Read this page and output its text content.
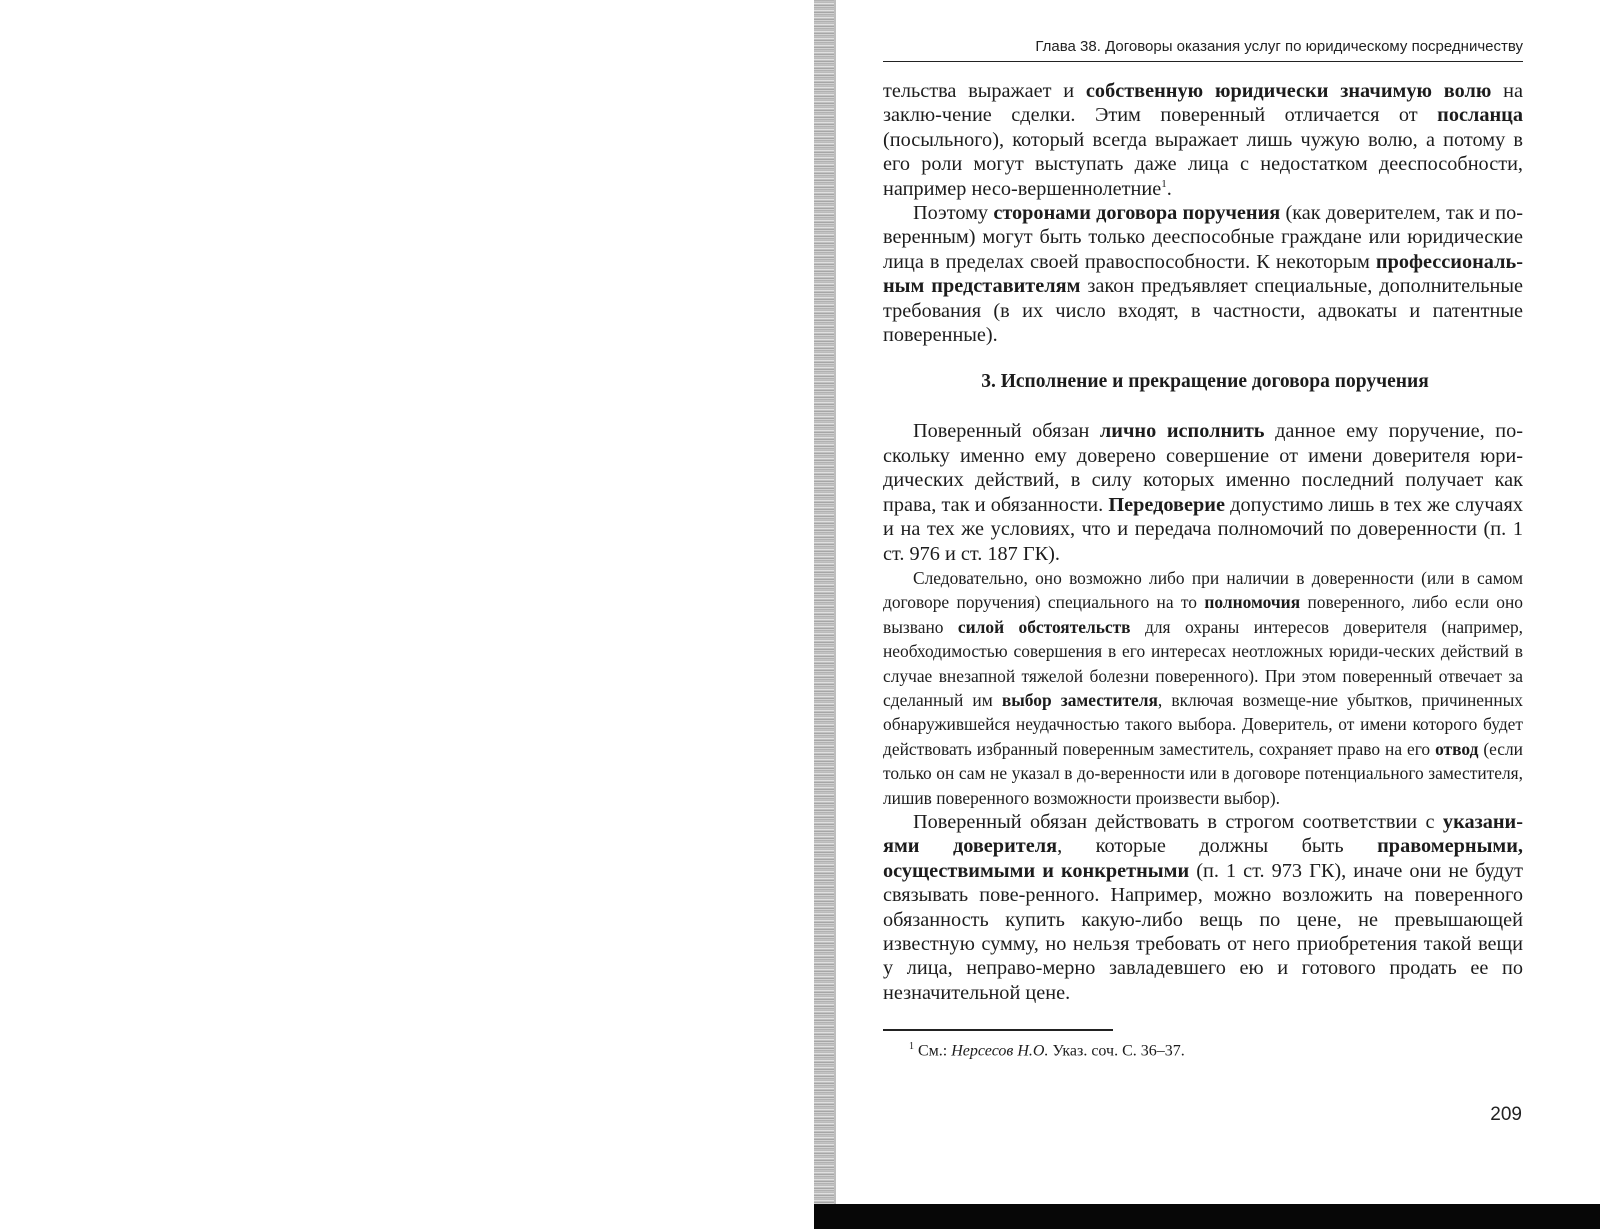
Глава 38. Договоры оказания услуг по юридическому посредничеству

тельства выражает и собственную юридически значимую волю на заклю-чение сделки. Этим поверенный отличается от посланца (посыльного), который всегда выражает лишь чужую волю, а потому в его роли могут выступать даже лица с недостатком дееспособности, например несо-вершеннолетние$^1$.

Поэтому сторонами договора поручения (как доверителем, так и по-веренным) могут быть только дееспособные граждане или юридические лица в пределах своей правоспособности. К некоторым профессиональ-ным представителям закон предъявляет специальные, дополнительные требования (в их число входят, в частности, адвокаты и патентные поверенные).

3. Исполнение и прекращение договора поручения

Поверенный обязан лично исполнить данное ему поручение, по-скольку именно ему доверено совершение от имени доверителя юри-дических действий, в силу которых именно последний получает как права, так и обязанности. Передоверие допустимо лишь в тех же случаях и на тех же условиях, что и передача полномочий по доверенности (п. 1 ст. 976 и ст. 187 ГК).

Следовательно, оно возможно либо при наличии в доверенности (или в самом договоре поручения) специального на то полномочия поверенного, либо если оно вызвано силой обстоятельств для охраны интересов доверителя (например, необходимостью совершения в его интересах неотложных юриди-ческих действий в случае внезапной тяжелой болезни поверенного). При этом поверенный отвечает за сделанный им выбор заместителя, включая возмеще-ние убытков, причиненных обнаружившейся неудачностью такого выбора. Доверитель, от имени которого будет действовать избранный поверенным заместитель, сохраняет право на его отвод (если только он сам не указал в до-веренности или в договоре потенциального заместителя, лишив поверенного возможности произвести выбор).

Поверенный обязан действовать в строгом соответствии с указани-ями доверителя, которые должны быть правомерными, осуществимыми и конкретными (п. 1 ст. 973 ГК), иначе они не будут связывать пове-ренного. Например, можно возложить на поверенного обязанность купить какую-либо вещь по цене, не превышающей известную сумму, но нельзя требовать от него приобретения такой вещи у лица, неправо-мерно завладевшего ею и готового продать ее по незначительной цене.

$^1$ См.: Нерсесов Н.О. Указ. соч. С. 36–37.
209
